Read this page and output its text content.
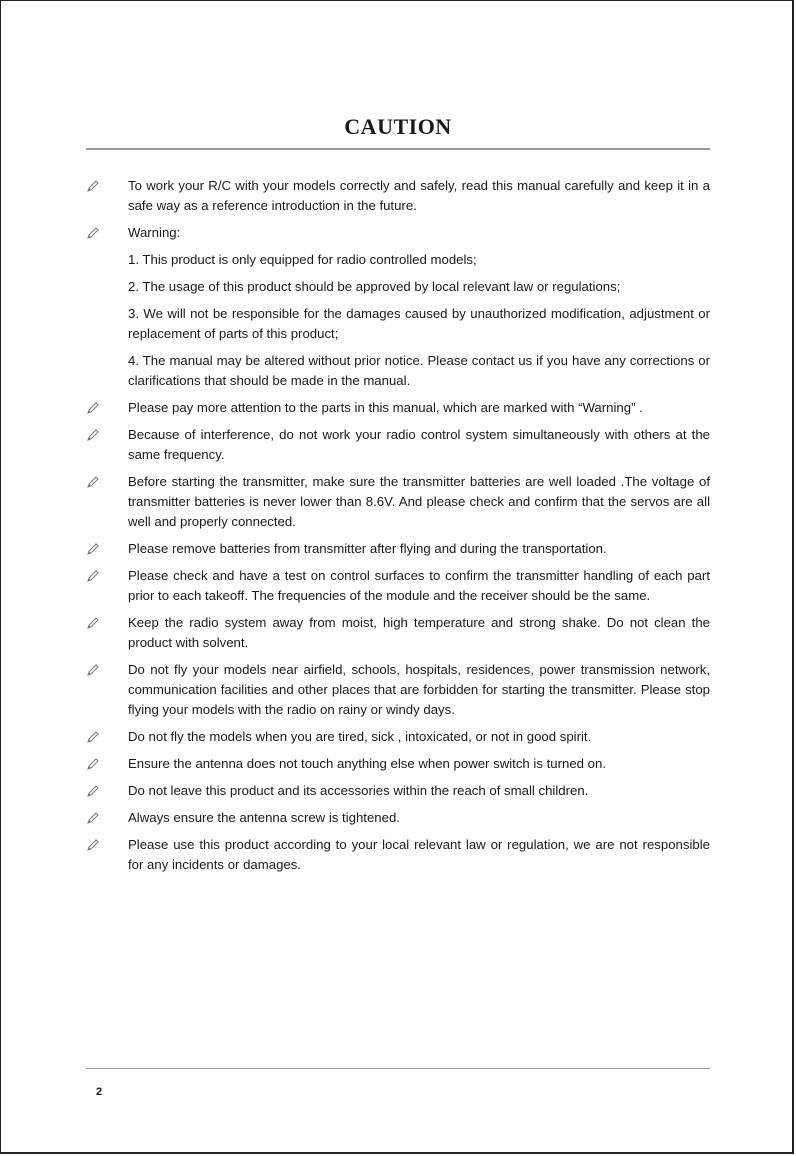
CAUTION
To work your R/C with your models correctly and safely, read this manual carefully and keep it in a safe way as a reference introduction in the future.
Warning:
1. This product is only equipped for radio controlled models;
2. The usage of this product should be approved by local relevant law or regulations;
3. We will not be responsible for the damages caused by unauthorized modification, adjustment or replacement of parts of this product;
4. The manual may be altered without prior notice. Please contact us if you have any corrections or clarifications that should be made in the manual.
Please pay more attention to the parts in this manual, which are marked with “Warning” .
Because of interference, do not work your radio control system simultaneously with others at the same frequency.
Before starting the transmitter, make sure the transmitter batteries are well loaded .The voltage of transmitter batteries is never lower than 8.6V. And please check and confirm that the servos are all well and properly connected.
Please remove batteries from transmitter after flying and during the transportation.
Please check and have a test on control surfaces to confirm the transmitter handling of each part prior to each takeoff. The frequencies of the module and the receiver should be the same.
Keep the radio system away from moist, high temperature and strong shake. Do not clean the product with solvent.
Do not fly your models near airfield, schools, hospitals, residences, power transmission network, communication facilities and other places that are forbidden for starting the transmitter. Please stop flying your models with the radio on rainy or windy days.
Do not fly the models when you are tired, sick , intoxicated, or not in good spirit.
Ensure the antenna does not touch anything else when power switch is turned on.
Do not leave this product and its accessories within the reach of small children.
Always ensure the antenna screw is tightened.
Please use this product according to your local relevant law or regulation, we are not responsible for any incidents or damages.
2
